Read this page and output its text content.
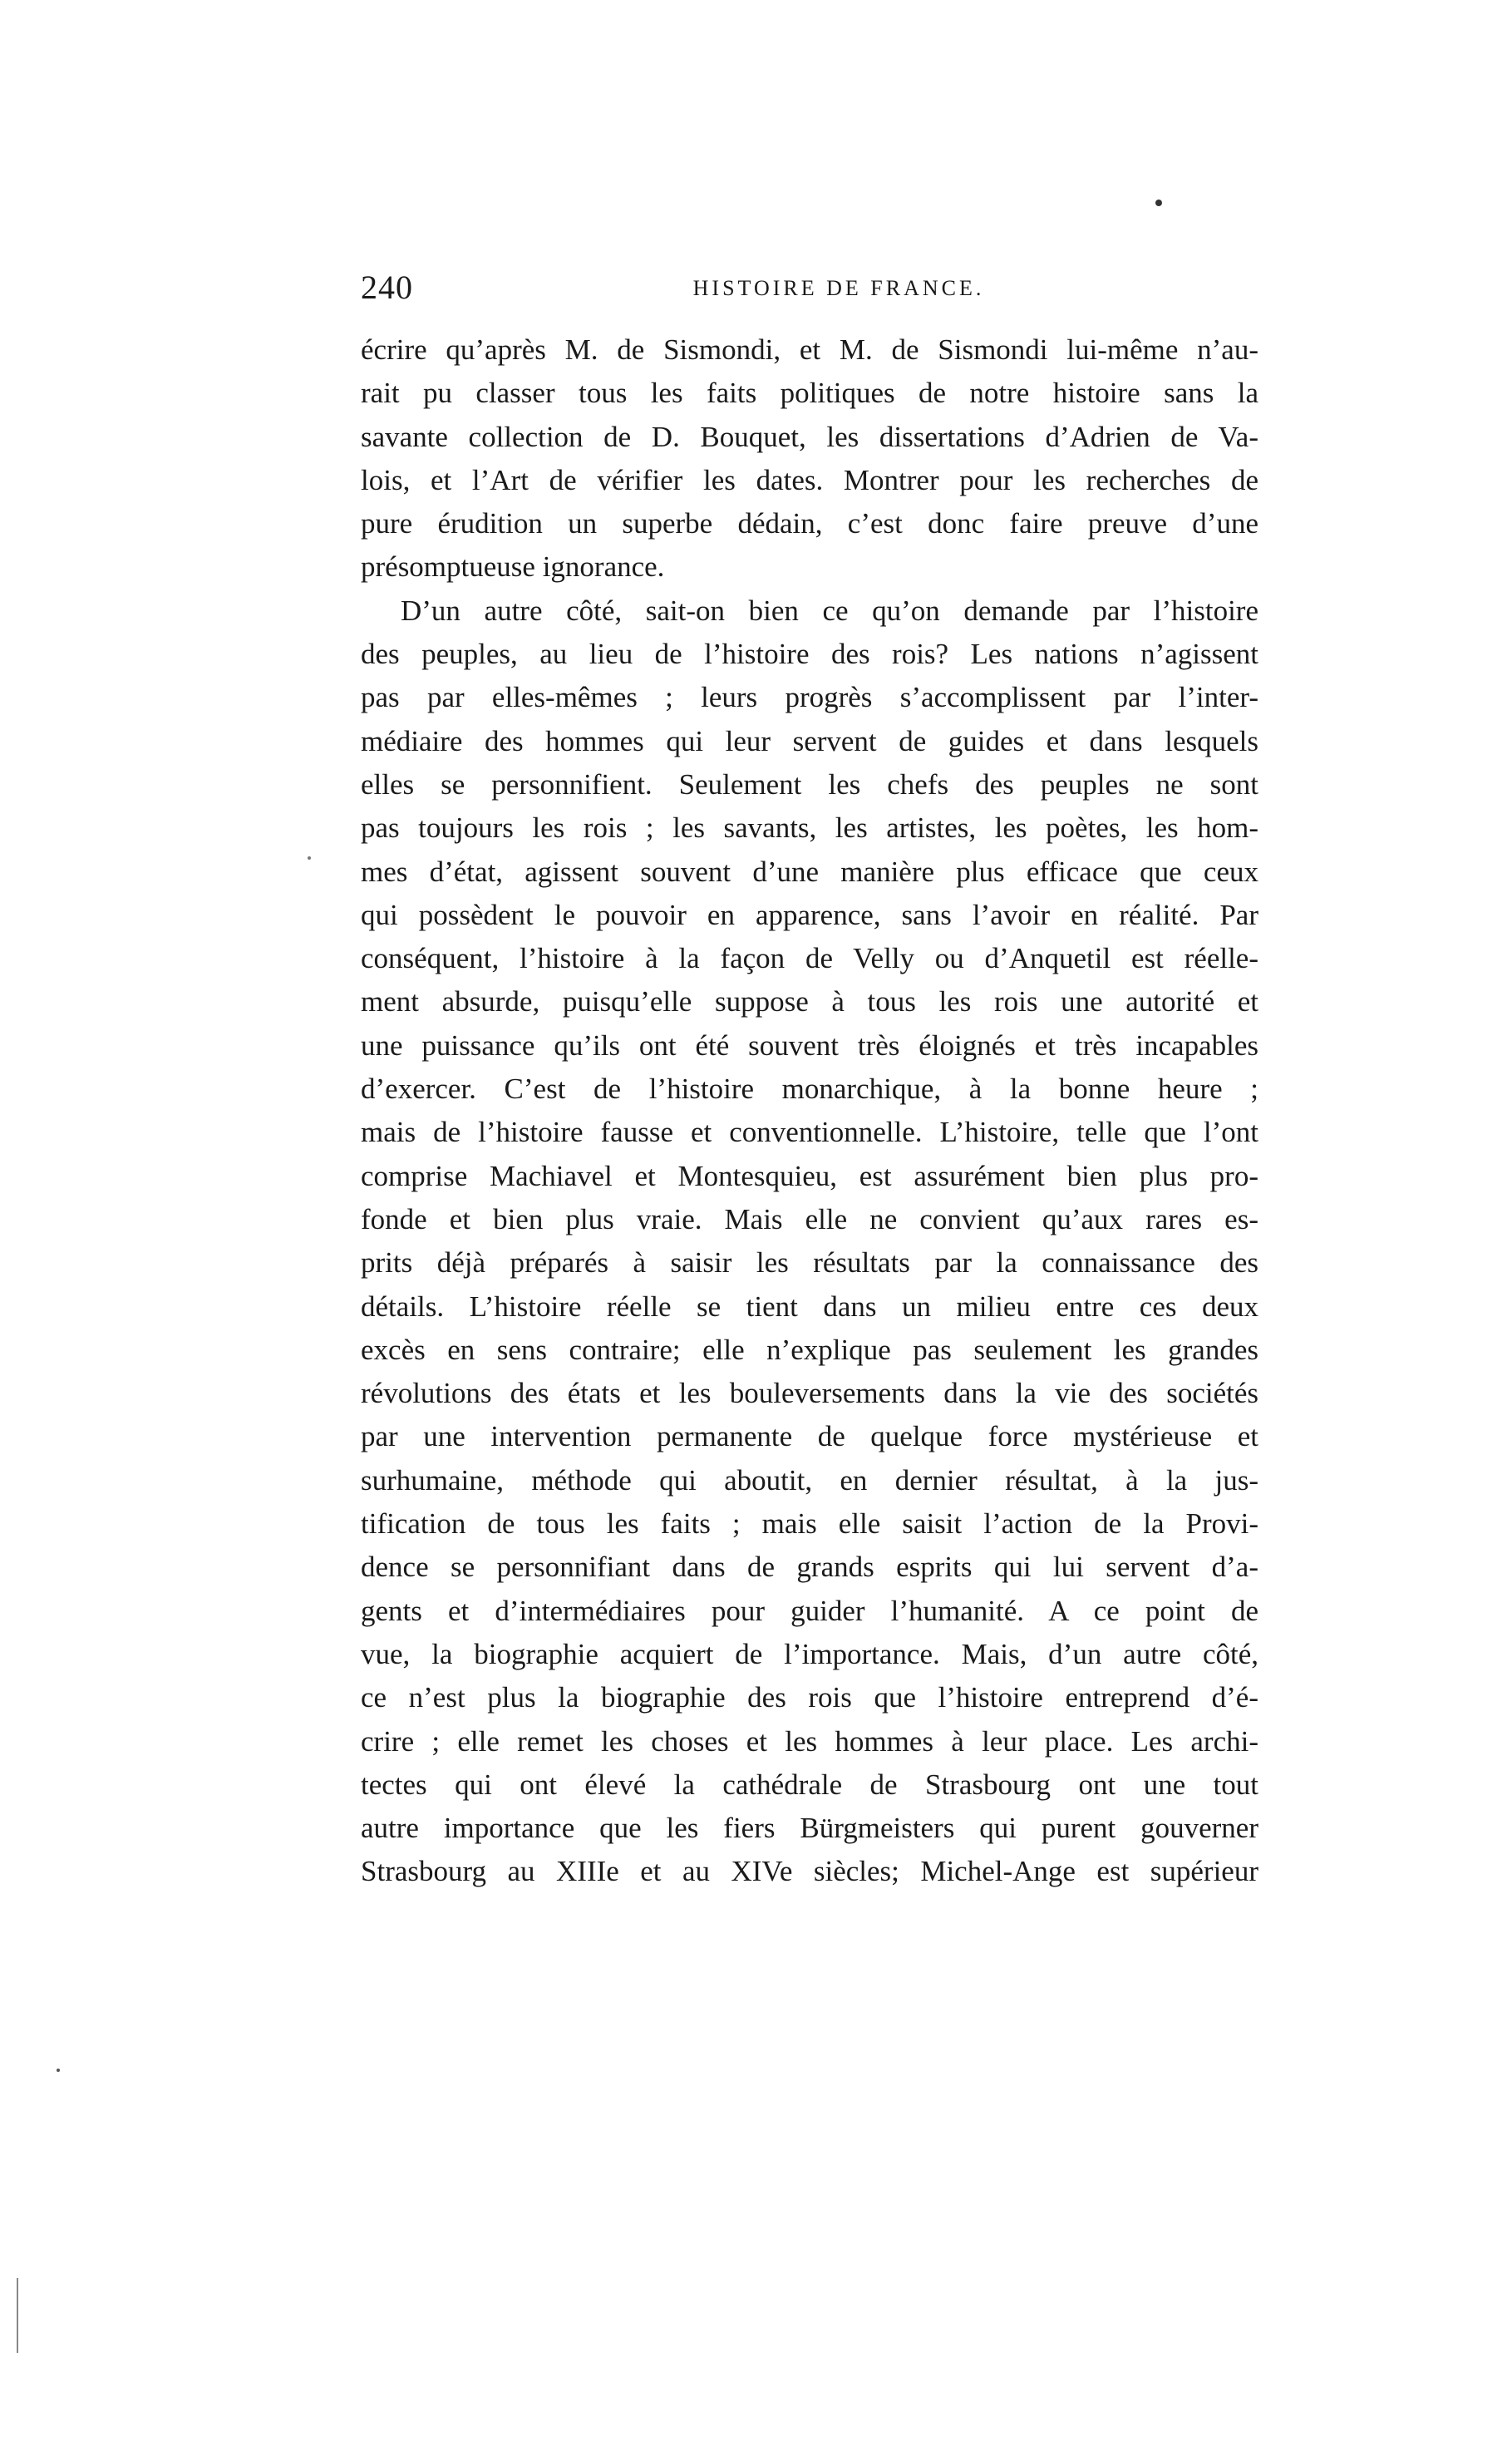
240	HISTOIRE DE FRANCE.
écrire qu’après M. de Sismondi, et M. de Sismondi lui-même n’au-
rait pu classer tous les faits politiques de notre histoire sans la
savante collection de D. Bouquet, les dissertations d’Adrien de Va-
lois, et l’Art de vérifier les dates. Montrer pour les recherches de
pure érudition un superbe dédain, c’est donc faire preuve d’une
présomptueuse ignorance.
D’un autre côté, sait-on bien ce qu’on demande par l’histoire
des peuples, au lieu de l’histoire des rois? Les nations n’agissent
pas par elles-mêmes ; leurs progrès s’accomplissent par l’inter-
médiaire des hommes qui leur servent de guides et dans lesquels
elles se personnifient. Seulement les chefs des peuples ne sont
pas toujours les rois ; les savants, les artistes, les poètes, les hom-
mes d’état, agissent souvent d’une manière plus efficace que ceux
qui possèdent le pouvoir en apparence, sans l’avoir en réalité. Par
conséquent, l’histoire à la façon de Velly ou d’Anquetil est réelle-
ment absurde, puisqu’elle suppose à tous les rois une autorité et
une puissance qu’ils ont été souvent très éloignés et très incapables
d’exercer. C’est de l’histoire monarchique, à la bonne heure ;
mais de l’histoire fausse et conventionnelle. L’histoire, telle que l’ont
comprise Machiavel et Montesquieu, est assurément bien plus pro-
fonde et bien plus vraie. Mais elle ne convient qu’aux rares es-
prits déjà préparés à saisir les résultats par la connaissance des
détails. L’histoire réelle se tient dans un milieu entre ces deux
excès en sens contraire; elle n’explique pas seulement les grandes
révolutions des états et les bouleversements dans la vie des sociétés
par une intervention permanente de quelque force mystérieuse et
surhumaine, méthode qui aboutit, en dernier résultat, à la jus-
tification de tous les faits ; mais elle saisit l’action de la Provi-
dence se personnifiant dans de grands esprits qui lui servent d’a-
gents et d’intermédiaires pour guider l’humanité. A ce point de
vue, la biographie acquiert de l’importance. Mais, d’un autre côté,
ce n’est plus la biographie des rois que l’histoire entreprend d’é-
crire ; elle remet les choses et les hommes à leur place. Les archi-
tectes qui ont élevé la cathédrale de Strasbourg ont une tout
autre importance que les fiers Bürgmeisters qui purent gouverner
Strasbourg au XIIIe et au XIVe siècles; Michel-Ange est supérieur
